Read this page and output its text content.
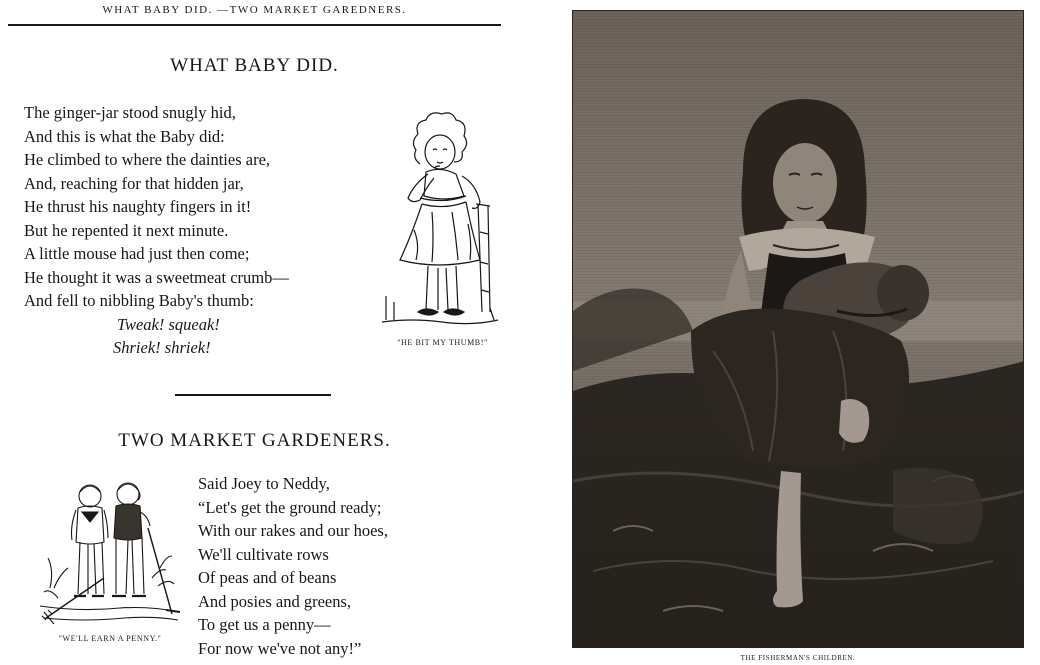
WHAT BABY DID. —TWO MARKET GAREDNERS.
WHAT BABY DID.
The ginger-jar stood snugly hid,
And this is what the Baby did:
He climbed to where the dainties are,
And, reaching for that hidden jar,
He thrust his naughty fingers in it!
But he repented it next minute.
A little mouse had just then come;
He thought it was a sweetmeat crumb—
And fell to nibbling Baby's thumb:
Tweak! squeak!
Shriek! shriek!	"HE BIT MY THUMB!"
TWO MARKET GARDENERS.
Said Joey to Neddy,
“Let's get the ground ready;
With our rakes and our hoes,
We'll cultivate rows
Of peas and of beans
And posies and greens,
To get us a penny—
For now we've not any!”
"WE'LL EARN A PENNY."
THE FISHERMAN'S CHILDREN.
